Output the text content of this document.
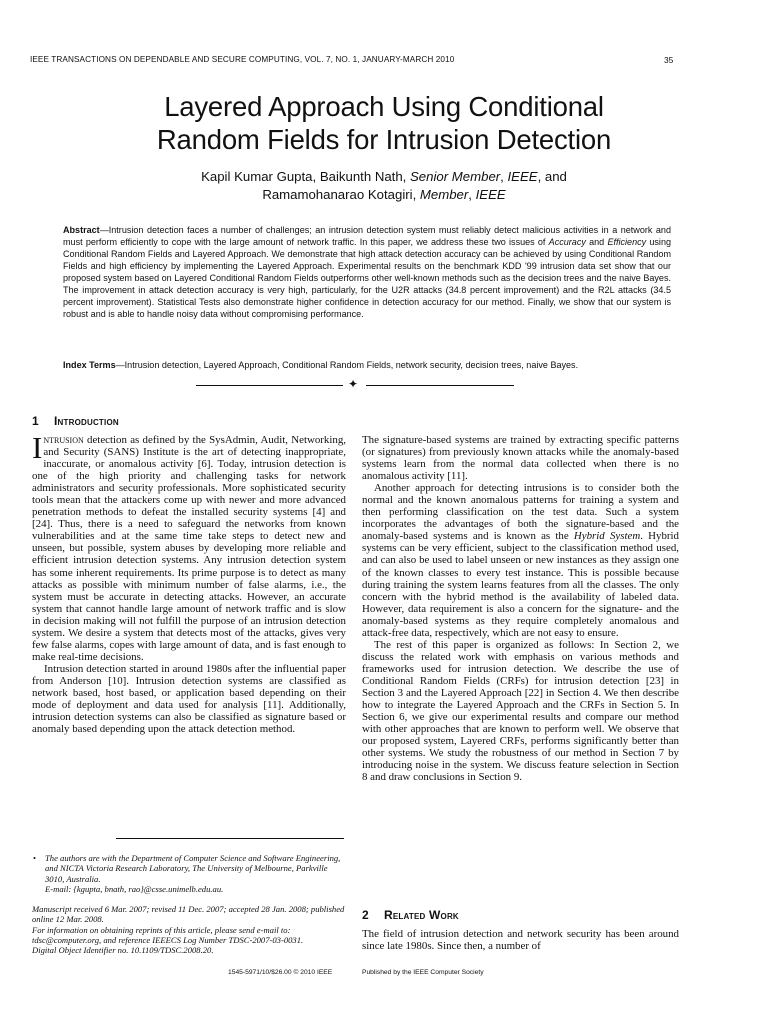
IEEE TRANSACTIONS ON DEPENDABLE AND SECURE COMPUTING, VOL. 7, NO. 1, JANUARY-MARCH 2010	35
Layered Approach Using Conditional
Random Fields for Intrusion Detection
Kapil Kumar Gupta, Baikunth Nath, Senior Member, IEEE, and
Ramamohanarao Kotagiri, Member, IEEE
Abstract—Intrusion detection faces a number of challenges; an intrusion detection system must reliably detect malicious activities in a network and must perform efficiently to cope with the large amount of network traffic. In this paper, we address these two issues of Accuracy and Efficiency using Conditional Random Fields and Layered Approach. We demonstrate that high attack detection accuracy can be achieved by using Conditional Random Fields and high efficiency by implementing the Layered Approach. Experimental results on the benchmark KDD '99 intrusion data set show that our proposed system based on Layered Conditional Random Fields outperforms other well-known methods such as the decision trees and the naive Bayes. The improvement in attack detection accuracy is very high, particularly, for the U2R attacks (34.8 percent improvement) and the R2L attacks (34.5 percent improvement). Statistical Tests also demonstrate higher confidence in detection accuracy for our method. Finally, we show that our system is robust and is able to handle noisy data without compromising performance.
Index Terms—Intrusion detection, Layered Approach, Conditional Random Fields, network security, decision trees, naive Bayes.
✦
1 Introduction

Intrusion detection as defined by the SysAdmin, Audit, Networking, and Security (SANS) Institute is the art of detecting inappropriate, inaccurate, or anomalous activity [6]. Today, intrusion detection is one of the high priority and challenging tasks for network administrators and security professionals. More sophisticated security tools mean that the attackers come up with newer and more advanced penetration methods to defeat the installed security systems [4] and [24]. Thus, there is a need to safeguard the networks from known vulnerabilities and at the same time take steps to detect new and unseen, but possible, system abuses by developing more reliable and efficient intrusion detection systems. Any intrusion detection system has some inherent requirements. Its prime purpose is to detect as many attacks as possible with minimum number of false alarms, i.e., the system must be accurate in detecting attacks. However, an accurate system that cannot handle large amount of network traffic and is slow in decision making will not fulfill the purpose of an intrusion detection system. We desire a system that detects most of the attacks, gives very few false alarms, copes with large amount of data, and is fast enough to make real-time decisions.

Intrusion detection started in around 1980s after the influential paper from Anderson [10]. Intrusion detection systems are classified as network based, host based, or application based depending on their mode of deployment and data used for analysis [11]. Additionally, intrusion detection systems can also be classified as signature based or anomaly based depending upon the attack detection method.

• The authors are with the Department of Computer Science and Software Engineering, and NICTA Victoria Research Laboratory, The University of Melbourne, Parkville 3010, Australia.
E-mail: {kgupta, bnath, rao}@csse.unimelb.edu.au.
Manuscript received 6 Mar. 2007; revised 11 Dec. 2007; accepted 28 Jan. 2008; published online 12 Mar. 2008.
For information on obtaining reprints of this article, please send e-mail to: tdsc@computer.org, and reference IEEECS Log Number TDSC-2007-03-0031.
Digital Object Identifier no. 10.1109/TDSC.2008.20.

The signature-based systems are trained by extracting specific patterns (or signatures) from previously known attacks while the anomaly-based systems learn from the normal data collected when there is no anomalous activity [11].

Another approach for detecting intrusions is to consider both the normal and the known anomalous patterns for training a system and then performing classification on the test data. Such a system incorporates the advantages of both the signature-based and the anomaly-based systems and is known as the Hybrid System. Hybrid systems can be very efficient, subject to the classification method used, and can also be used to label unseen or new instances as they assign one of the known classes to every test instance. This is possible because during training the system learns features from all the classes. The only concern with the hybrid method is the availability of labeled data. However, data requirement is also a concern for the signature- and the anomaly-based systems as they require completely anomalous and attack-free data, respectively, which are not easy to ensure.

The rest of this paper is organized as follows: In Section 2, we discuss the related work with emphasis on various methods and frameworks used for intrusion detection. We describe the use of Conditional Random Fields (CRFs) for intrusion detection [23] in Section 3 and the Layered Approach [22] in Section 4. We then describe how to integrate the Layered Approach and the CRFs in Section 5. In Section 6, we give our experimental results and compare our method with other approaches that are known to perform well. We observe that our proposed system, Layered CRFs, performs significantly better than other systems. We study the robustness of our method in Section 7 by introducing noise in the system. We discuss feature selection in Section 8 and draw conclusions in Section 9.

2 Related Work

The field of intrusion detection and network security has been around since late 1980s. Since then, a number of

1545-5971/10/$26.00 © 2010 IEEE	Published by the IEEE Computer Society
